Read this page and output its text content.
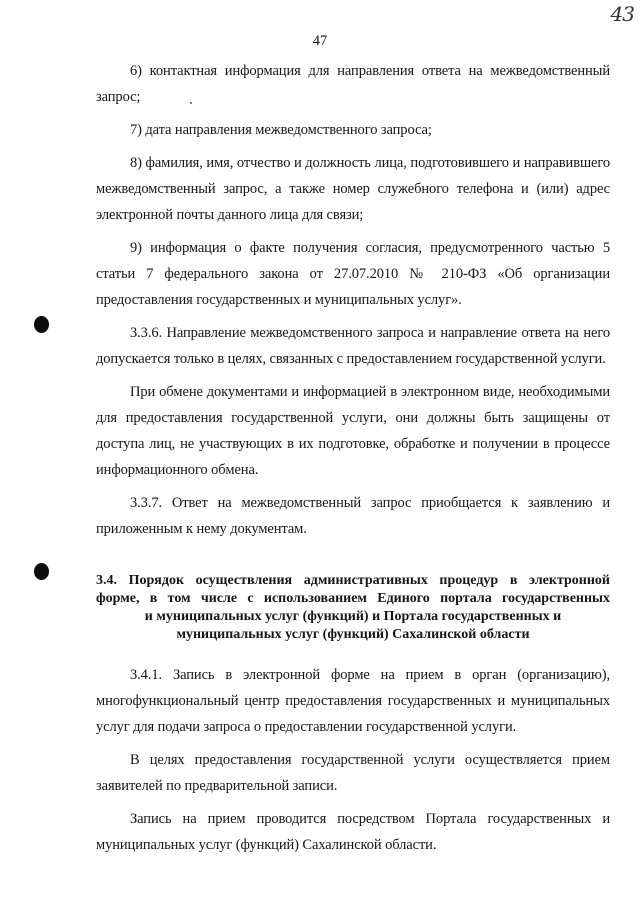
43
47

6) контактная информация для направления ответа на межведомственный запрос;

7) дата направления межведомственного запроса;

8) фамилия, имя, отчество и должность лица, подготовившего и направившего межведомственный запрос, а также номер служебного телефона и (или) адрес электронной почты данного лица для связи;

9) информация о факте получения согласия, предусмотренного частью 5 статьи 7 федерального закона от 27.07.2010 № 210-ФЗ «Об организации предоставления государственных и муниципальных услуг».

3.3.6. Направление межведомственного запроса и направление ответа на него допускается только в целях, связанных с предоставлением государственной услуги.

При обмене документами и информацией в электронном виде, необходимыми для предоставления государственной услуги, они должны быть защищены от доступа лиц, не участвующих в их подготовке, обработке и получении в процессе информационного обмена.

3.3.7. Ответ на межведомственный запрос приобщается к заявлению и приложенным к нему документам.

3.4. Порядок осуществления административных процедур в электронной
форме, в том числе с использованием Единого портала государственных
и муниципальных услуг (функций) и Портала государственных и
муниципальных услуг (функций) Сахалинской области

3.4.1. Запись в электронной форме на прием в орган (организацию), многофункциональный центр предоставления государственных и муниципальных услуг для подачи запроса о предоставлении государственной услуги.

В целях предоставления государственной услуги осуществляется прием заявителей по предварительной записи.

Запись на прием проводится посредством Портала государственных и муниципальных услуг (функций) Сахалинской области.
